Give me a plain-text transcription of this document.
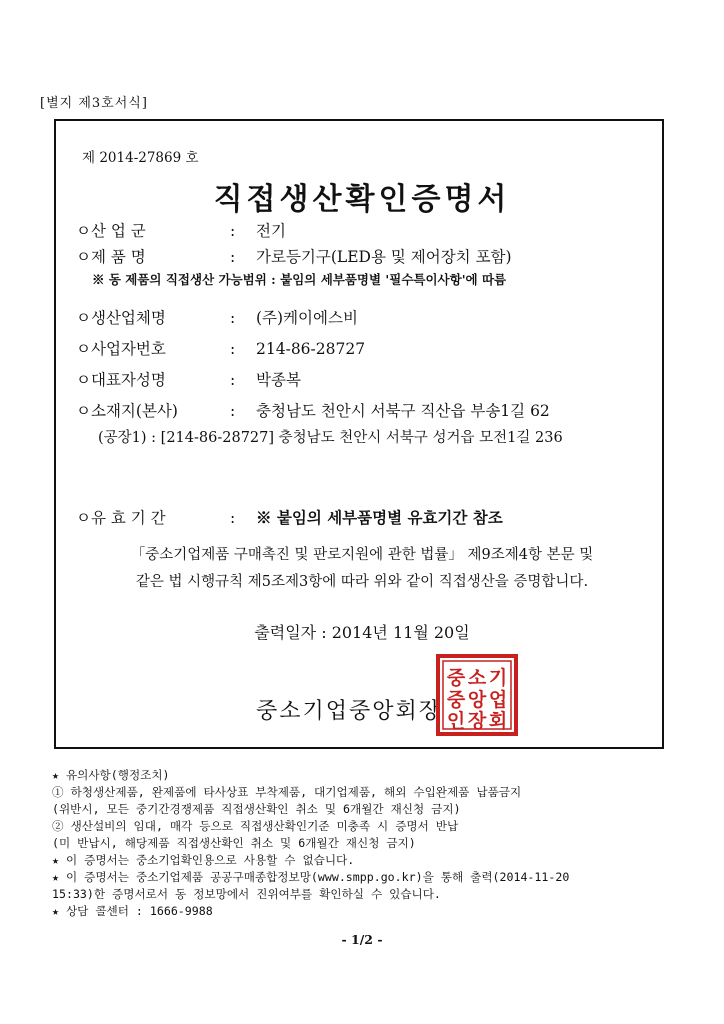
[별지 제3호서식]
제 2014-27869 호
직접생산확인증명서
ㅇ산 업 군	: 전기
ㅇ제 품 명	: 가로등기구(LED용 및 제어장치 포함)
※ 동 제품의 직접생산 가능범위 : 붙임의 세부품명별 '필수특이사항'에 따름
ㅇ생산업체명	: (주)케이에스비
ㅇ사업자번호	: 214-86-28727
ㅇ대표자성명	: 박종복
ㅇ소재지(본사)	: 충청남도 천안시 서북구 직산읍 부송1길 62
(공장1) : [214-86-28727] 충청남도 천안시 서북구 성거읍 모전1길 236
ㅇ유 효 기 간	: ※ 붙임의 세부품명별 유효기간 참조
「중소기업제품 구매촉진 및 판로지원에 관한 법률」 제9조제4항 본문 및
같은 법 시행규칙 제5조제3항에 따라 위와 같이 직접생산을 증명합니다.
출력일자 : 2014년 11월 20일
중소기업중앙회장
기
업
회
소
앙
장
중
중
인
★ 유의사항(행정조치)
① 하청생산제품, 완제품에 타사상표 부착제품, 대기업제품, 해외 수입완제품 납품금지
(위반시, 모든 중기간경쟁제품 직접생산확인 취소 및 6개월간 재신청 금지)
② 생산설비의 임대, 매각 등으로 직접생산확인기준 미충족 시 증명서 반납
(미 반납시, 해당제품 직접생산확인 취소 및 6개월간 재신청 금지)
★ 이 증명서는 중소기업확인용으로 사용할 수 없습니다.
★ 이 증명서는 중소기업제품 공공구매종합정보망(www.smpp.go.kr)을 통해 출력(2014-11-20
15:33)한 증명서로서 동 정보망에서 진위여부를 확인하실 수 있습니다.
★ 상담 콜센터 : 1666-9988
- 1/2 -
